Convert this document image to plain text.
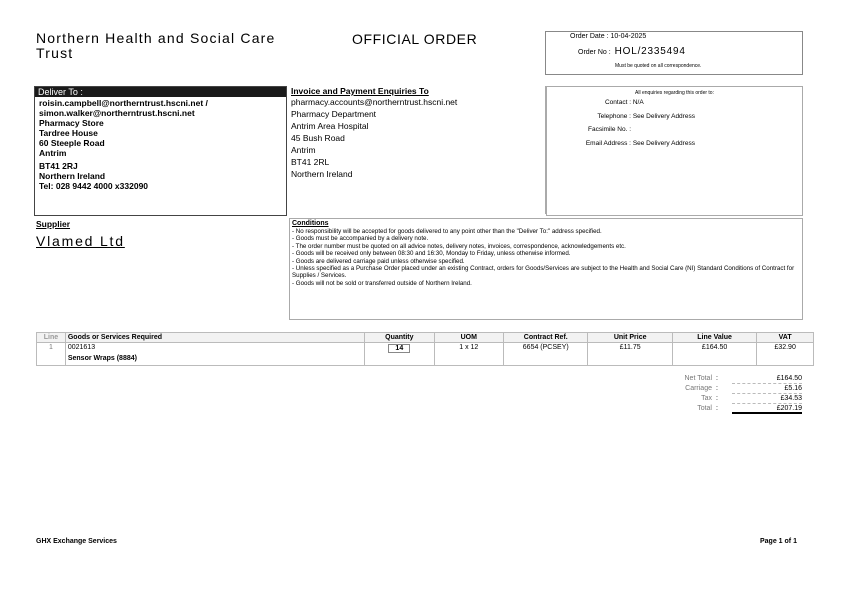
Northern Health and Social Care Trust
OFFICIAL ORDER	Order Date : 10-04-2025
Order No : HOL/2335494
Must be quoted on all correspondence.
Deliver To :
roisin.campbell@northerntrust.hscni.net /
simon.walker@northerntrust.hscni.net
Pharmacy Store
Tardree House
60 Steeple Road
Antrim
BT41 2RJ
Northern Ireland
Tel: 028 9442 4000 x332090
Invoice and Payment Enquiries To
pharmacy.accounts@northerntrust.hscni.net
Pharmacy Department
Antrim Area Hospital
45 Bush Road
Antrim
BT41 2RL
Northern Ireland
All enquiries regarding this order to:
Contact :
N/A
Telephone :
See Delivery Address
Facsimile No. :

Email Address :
See Delivery Address
Supplier
Vlamed Ltd
Conditions
- No responsibility will be accepted for goods delivered to any point other than the "Deliver To:" address specified.
- Goods must be accompanied by a delivery note.
- The order number must be quoted on all advice notes, delivery notes, invoices, correspondence, acknowledgements etc.
- Goods will be received only between 08:30 and 16:30, Monday to Friday, unless otherwise informed.
- Goods are delivered carriage paid unless otherwise specified.
- Unless specified as a Purchase Order placed under an existing Contract, orders for Goods/Services are subject to the Health and Social Care (NI) Standard Conditions of Contract for Supplies / Services.
- Goods will not be sold or transferred outside of Northern Ireland.
Line	Goods or Services Required	Quantity	UOM	Contract Ref.	Unit Price	Line Value	VAT
1	0021613	14	1 x 12	6654 (PCSEY)	£11.75	£164.50	£32.90
	Sensor Wraps (8884)						
Net Total :	£164.50
Carriage :	£5.16
Tax :	£34.53
Total :	£207.19
GHX Exchange Services	Page 1 of 1
